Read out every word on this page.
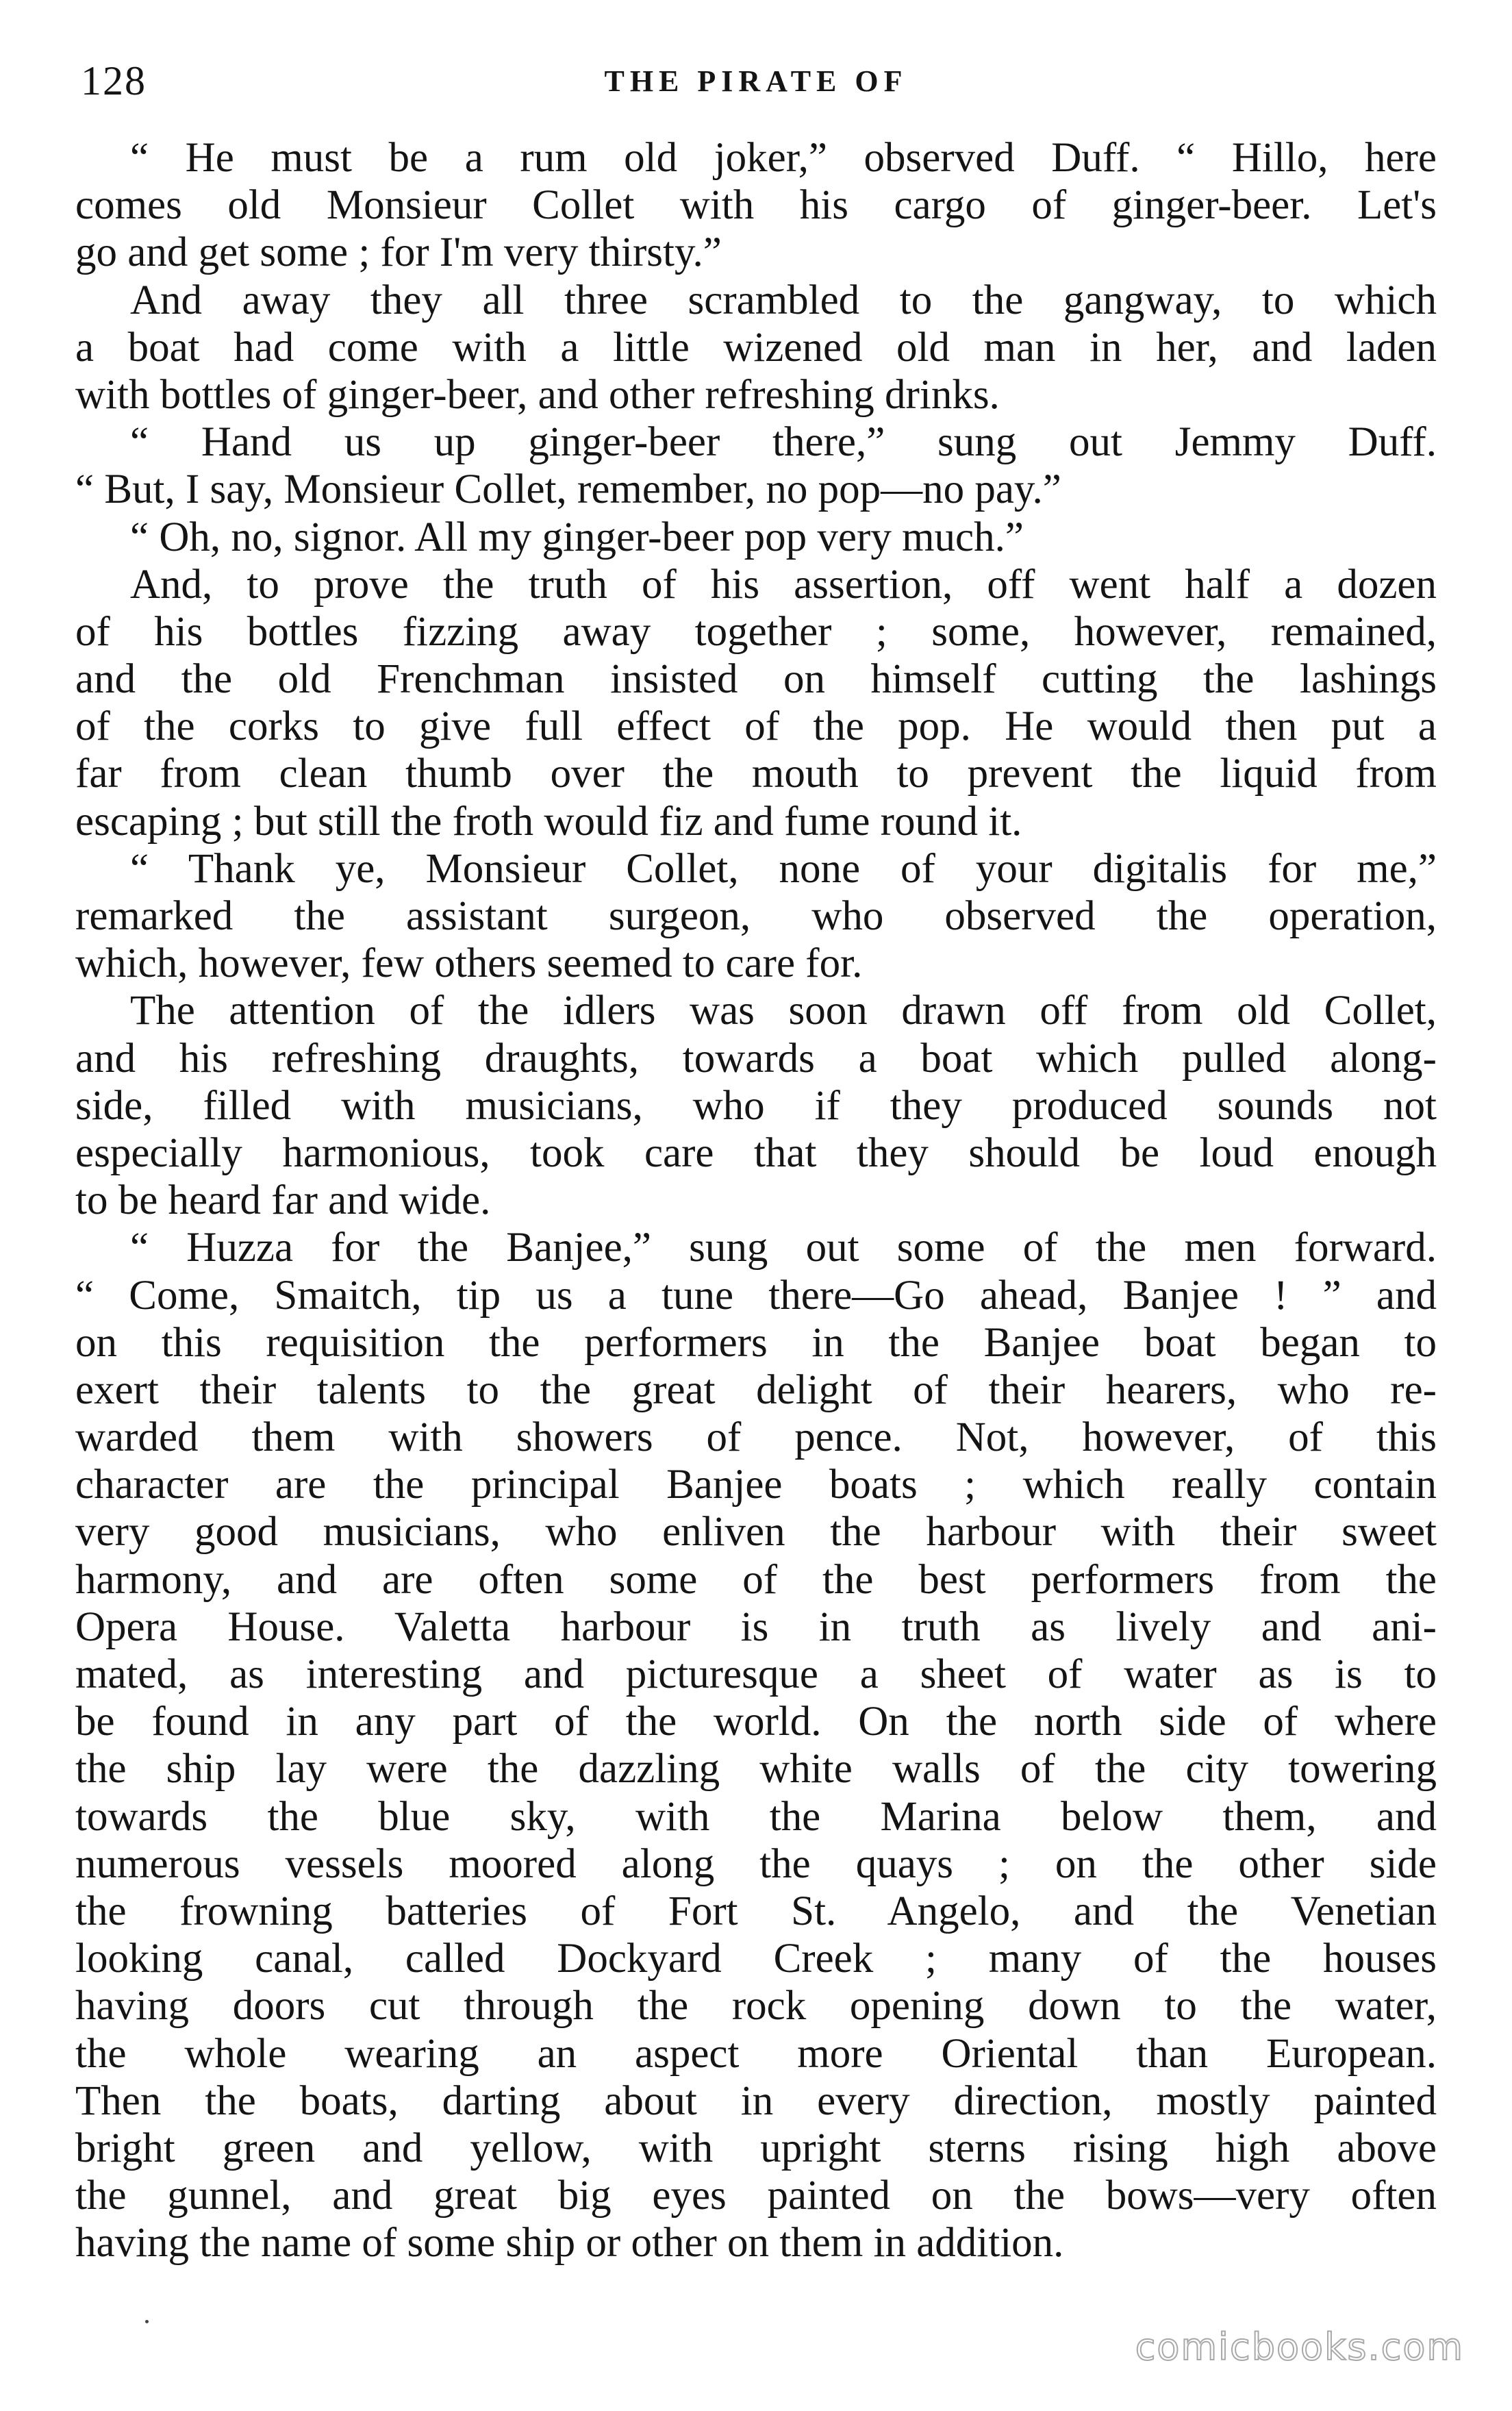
128	THE PIRATE OF
“ He must be a rum old joker,” observed Duff. “ Hillo, here
comes old Monsieur Collet with his cargo of ginger-beer. Let's
go and get some ; for I'm very thirsty.”
And away they all three scrambled to the gangway, to which
a boat had come with a little wizened old man in her, and laden
with bottles of ginger-beer, and other refreshing drinks.
“ Hand us up ginger-beer there,” sung out Jemmy Duff.
“ But, I say, Monsieur Collet, remember, no pop—no pay.”
“ Oh, no, signor. All my ginger-beer pop very much.”
And, to prove the truth of his assertion, off went half a dozen
of his bottles fizzing away together ; some, however, remained,
and the old Frenchman insisted on himself cutting the lashings
of the corks to give full effect of the pop. He would then put a
far from clean thumb over the mouth to prevent the liquid from
escaping ; but still the froth would fiz and fume round it.
“ Thank ye, Monsieur Collet, none of your digitalis for me,”
remarked the assistant surgeon, who observed the operation,
which, however, few others seemed to care for.
The attention of the idlers was soon drawn off from old Collet,
and his refreshing draughts, towards a boat which pulled along-
side, filled with musicians, who if they produced sounds not
especially harmonious, took care that they should be loud enough
to be heard far and wide.
“ Huzza for the Banjee,” sung out some of the men forward.
“ Come, Smaitch, tip us a tune there—Go ahead, Banjee ! ” and
on this requisition the performers in the Banjee boat began to
exert their talents to the great delight of their hearers, who re-
warded them with showers of pence. Not, however, of this
character are the principal Banjee boats ; which really contain
very good musicians, who enliven the harbour with their sweet
harmony, and are often some of the best performers from the
Opera House. Valetta harbour is in truth as lively and ani-
mated, as interesting and picturesque a sheet of water as is to
be found in any part of the world. On the north side of where
the ship lay were the dazzling white walls of the city towering
towards the blue sky, with the Marina below them, and
numerous vessels moored along the quays ; on the other side
the frowning batteries of Fort St. Angelo, and the Venetian
looking canal, called Dockyard Creek ; many of the houses
having doors cut through the rock opening down to the water,
the whole wearing an aspect more Oriental than European.
Then the boats, darting about in every direction, mostly painted
bright green and yellow, with upright sterns rising high above
the gunnel, and great big eyes painted on the bows—very often
having the name of some ship or other on them in addition.
comicbooks.com
